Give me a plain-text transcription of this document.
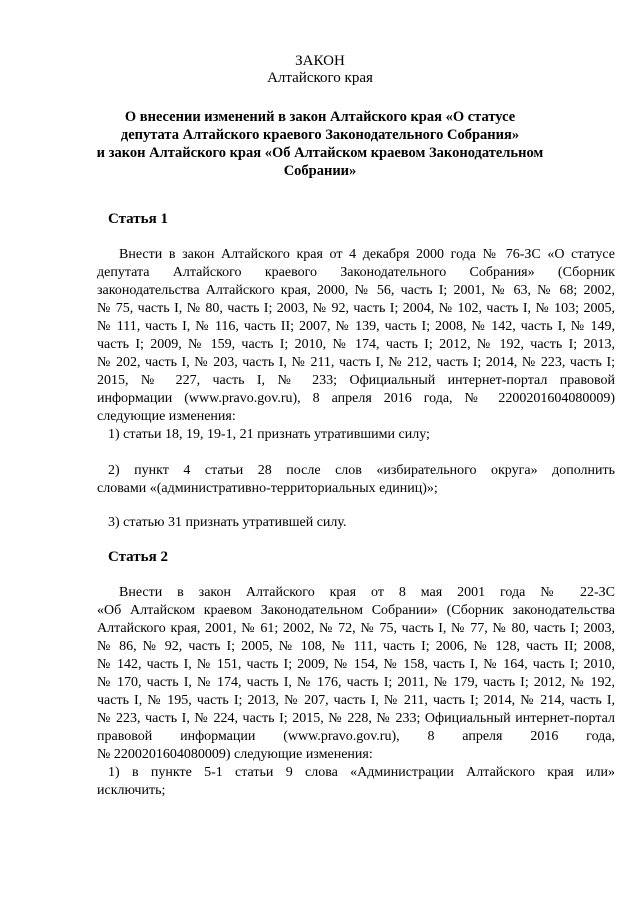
ЗАКОН
Алтайского края
О внесении изменений в закон Алтайского края «О статусе
депутата Алтайского краевого Законодательного Собрания»
и закон Алтайского края «Об Алтайском краевом Законодательном
Собрании»
Статья 1
Внести в закон Алтайского края от 4 декабря 2000 года № 76-ЗС «О статусе
депутата Алтайского краевого Законодательного Собрания» (Сборник
законодательства Алтайского края, 2000, № 56, часть I; 2001, № 63, № 68; 2002,
№ 75, часть I, № 80, часть I; 2003, № 92, часть I; 2004, № 102, часть I, № 103; 2005,
№ 111, часть I, № 116, часть II; 2007, № 139, часть I; 2008, № 142, часть I, № 149,
часть I; 2009, № 159, часть I; 2010, № 174, часть I; 2012, № 192, часть I; 2013,
№ 202, часть I, № 203, часть I, № 211, часть I, № 212, часть I; 2014, № 223, часть I;
2015, № 227, часть I, № 233; Официальный интернет-портал правовой
информации (www.pravo.gov.ru), 8 апреля 2016 года, № 2200201604080009)
следующие изменения:
1) статьи 18, 19, 19-1, 21 признать утратившими силу;
2) пункт 4 статьи 28 после слов «избирательного округа» дополнить
словами «(административно-территориальных единиц)»;
3) статью 31 признать утратившей силу.
Статья 2
Внести в закон Алтайского края от 8 мая 2001 года № 22-ЗС
«Об Алтайском краевом Законодательном Собрании» (Сборник законодательства
Алтайского края, 2001, № 61; 2002, № 72, № 75, часть I, № 77, № 80, часть I; 2003,
№ 86, № 92, часть I; 2005, № 108, № 111, часть I; 2006, № 128, часть II; 2008,
№ 142, часть I, № 151, часть I; 2009, № 154, № 158, часть I, № 164, часть I; 2010,
№ 170, часть I, № 174, часть I, № 176, часть I; 2011, № 179, часть I; 2012, № 192,
часть I, № 195, часть I; 2013, № 207, часть I, № 211, часть I; 2014, № 214, часть I,
№ 223, часть I, № 224, часть I; 2015, № 228, № 233; Официальный интернет-портал
правовой информации (www.pravo.gov.ru), 8 апреля 2016 года,
№ 2200201604080009) следующие изменения:
1) в пункте 5-1 статьи 9 слова «Администрации Алтайского края или»
исключить;
